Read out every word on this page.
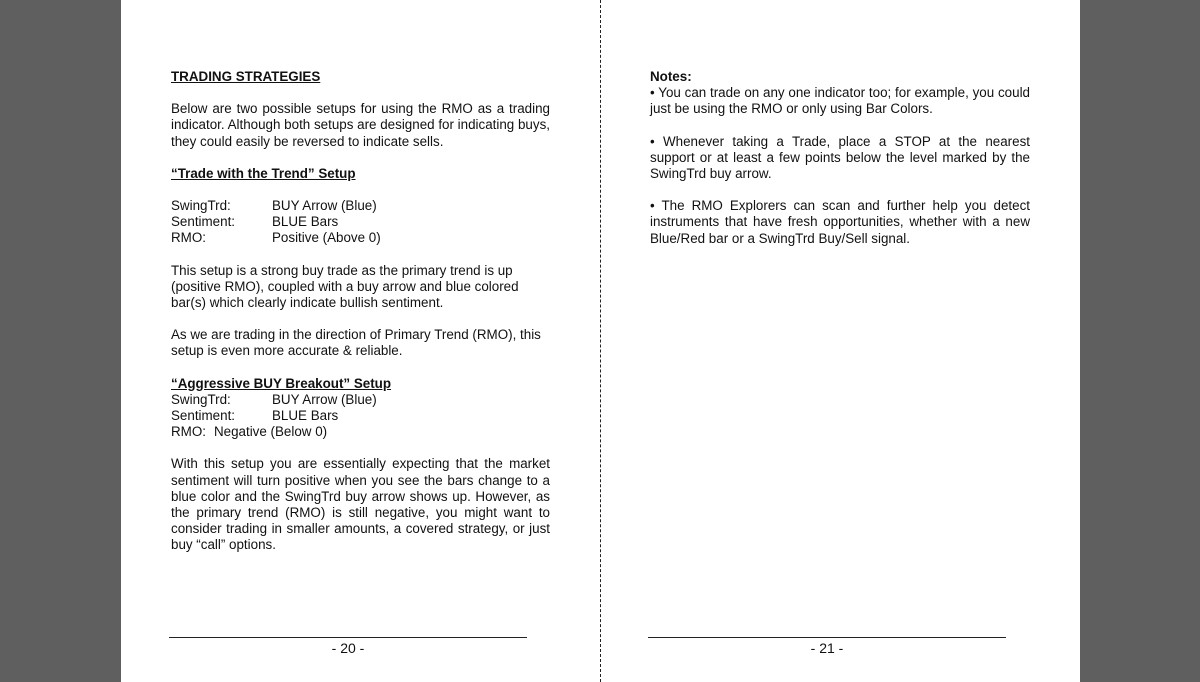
TRADING STRATEGIES

Below are two possible setups for using the RMO as a trading indicator. Although both setups are designed for indicating buys, they could easily be reversed to indicate sells.

“Trade with the Trend” Setup

SwingTrd:	BUY Arrow (Blue)
Sentiment:	BLUE Bars
RMO:	Positive (Above 0)

This setup is a strong buy trade as the primary trend is up (positive RMO), coupled with a buy arrow and blue colored bar(s) which clearly indicate bullish sentiment.

As we are trading in the direction of Primary Trend (RMO), this setup is even more accurate & reliable.

“Aggressive BUY Breakout” Setup

SwingTrd:	BUY Arrow (Blue)
Sentiment:	BLUE Bars
RMO: Negative (Below 0)

With this setup you are essentially expecting that the market sentiment will turn positive when you see the bars change to a blue color and the SwingTrd buy arrow shows up. However, as the primary trend (RMO) is still negative, you might want to consider trading in smaller amounts, a covered strategy, or just buy “call” options.

- 20 -

Notes:

• You can trade on any one indicator too; for example, you could just be using the RMO or only using Bar Colors.

• Whenever taking a Trade, place a STOP at the nearest support or at least a few points below the level marked by the SwingTrd buy arrow.

• The RMO Explorers can scan and further help you detect instruments that have fresh opportunities, whether with a new Blue/Red bar or a SwingTrd Buy/Sell signal.

- 21 -
